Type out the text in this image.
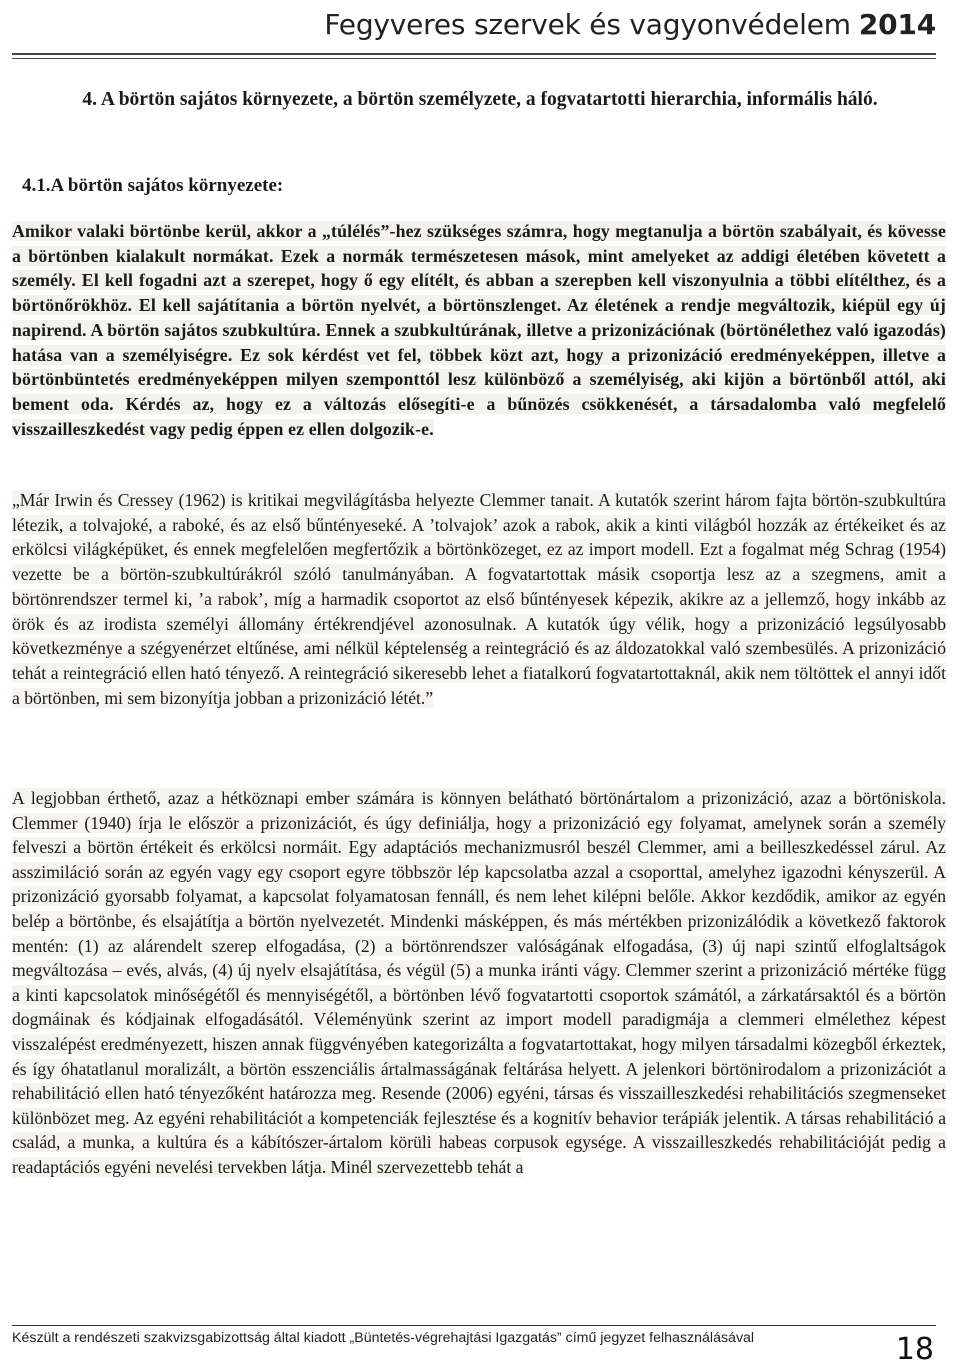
Fegyveres szervek és vagyonvédelem 2014
4. A börtön sajátos környezete, a börtön személyzete, a fogvatartotti hierarchia, informális háló.
4.1.A börtön sajátos környezete:
Amikor valaki börtönbe kerül, akkor a „túlélés”-hez szükséges számra, hogy megtanulja a börtön szabályait, és kövesse a börtönben kialakult normákat. Ezek a normák természetesen mások, mint amelyeket az addigi életében követett a személy. El kell fogadni azt a szerepet, hogy ő egy elítélt, és abban a szerepben kell viszonyulnia a többi elítélthez, és a börtönőrökhöz. El kell sajátítania a börtön nyelvét, a börtönszlenget. Az életének a rendje megváltozik, kiépül egy új napirend. A börtön sajátos szubkultúra. Ennek a szubkultúrának, illetve a prizonizációnak (börtönélethez való igazodás) hatása van a személyiségre. Ez sok kérdést vet fel, többek közt azt, hogy a prizonizáció eredményeképpen, illetve a börtönbüntetés eredményeképpen milyen szemponttól lesz különböző a személyiség, aki kijön a börtönből attól, aki bement oda. Kérdés az, hogy ez a változás elősegíti-e a bűnözés csökkenését, a társadalomba való megfelelő visszailleszkedést vagy pedig éppen ez ellen dolgozik-e.
„Már Irwin és Cressey (1962) is kritikai megvilágításba helyezte Clemmer tanait. A kutatók szerint három fajta börtön-szubkultúra létezik, a tolvajoké, a raboké, és az első bűntényeseké. A ’tolvajok’ azok a rabok, akik a kinti világból hozzák az értékeiket és az erkölcsi világképüket, és ennek megfelelően megfertőzik a börtönközeget, ez az import modell. Ezt a fogalmat még Schrag (1954) vezette be a börtön-szubkultúrákról szóló tanulmányában. A fogvatartottak másik csoportja lesz az a szegmens, amit a börtönrendszer termel ki, ’a rabok’, míg a harmadik csoportot az első bűntényesek képezik, akikre az a jellemző, hogy inkább az örök és az irodista személyi állomány értékrendjével azonosulnak. A kutatók úgy vélik, hogy a prizonizáció legsúlyosabb következménye a szégyenérzet eltűnése, ami nélkül képtelenség a reintegráció és az áldozatokkal való szembesülés. A prizonizáció tehát a reintegráció ellen ható tényező. A reintegráció sikeresebb lehet a fiatalkorú fogvatartottaknál, akik nem töltöttek el annyi időt a börtönben, mi sem bizonyítja jobban a prizonizáció létét.”
A legjobban érthető, azaz a hétköznapi ember számára is könnyen belátható börtönártalom a prizonizáció, azaz a börtöniskola. Clemmer (1940) írja le először a prizonizációt, és úgy definiálja, hogy a prizonizáció egy folyamat, amelynek során a személy felveszi a börtön értékeit és erkölcsi normáit. Egy adaptációs mechanizmusról beszél Clemmer, ami a beilleszkedéssel zárul. Az asszimiláció során az egyén vagy egy csoport egyre többször lép kapcsolatba azzal a csoporttal, amelyhez igazodni kényszerül. A prizonizáció gyorsabb folyamat, a kapcsolat folyamatosan fennáll, és nem lehet kilépni belőle. Akkor kezdődik, amikor az egyén belép a börtönbe, és elsajátítja a börtön nyelvezetét. Mindenki másképpen, és más mértékben prizonizálódik a következő faktorok mentén: (1) az alárendelt szerep elfogadása, (2) a börtönrendszer valóságának elfogadása, (3) új napi szintű elfoglaltságok megváltozása – evés, alvás, (4) új nyelv elsajátítása, és végül (5) a munka iránti vágy. Clemmer szerint a prizonizáció mértéke függ a kinti kapcsolatok minőségétől és mennyiségétől, a börtönben lévő fogvatartotti csoportok számától, a zárkatársaktól és a börtön dogmáinak és kódjainak elfogadásától. Véleményünk szerint az import modell paradigmája a clemmeri elmélethez képest visszalépést eredményezett, hiszen annak függvényében kategorizálta a fogvatartottakat, hogy milyen társadalmi közegből érkeztek, és így óhatatlanul moralizált, a börtön esszenciális ártalmasságának feltárása helyett. A jelenkori börtönirodalom a prizonizációt a rehabilitáció ellen ható tényezőként határozza meg. Resende (2006) egyéni, társas és visszailleszkedési rehabilitációs szegmenseket különbözet meg. Az egyéni rehabilitációt a kompetenciák fejlesztése és a kognitív behavior terápiák jelentik. A társas rehabilitáció a család, a munka, a kultúra és a kábítószer-ártalom körüli habeas corpusok egysége. A visszailleszkedés rehabilitációját pedig a readaptációs egyéni nevelési tervekben látja. Minél szervezettebb tehát a
Készült a rendészeti szakvizsgabizottság által kiadott „Büntetés-végrehajtási Igazgatás” című jegyzet felhasználásával	18
